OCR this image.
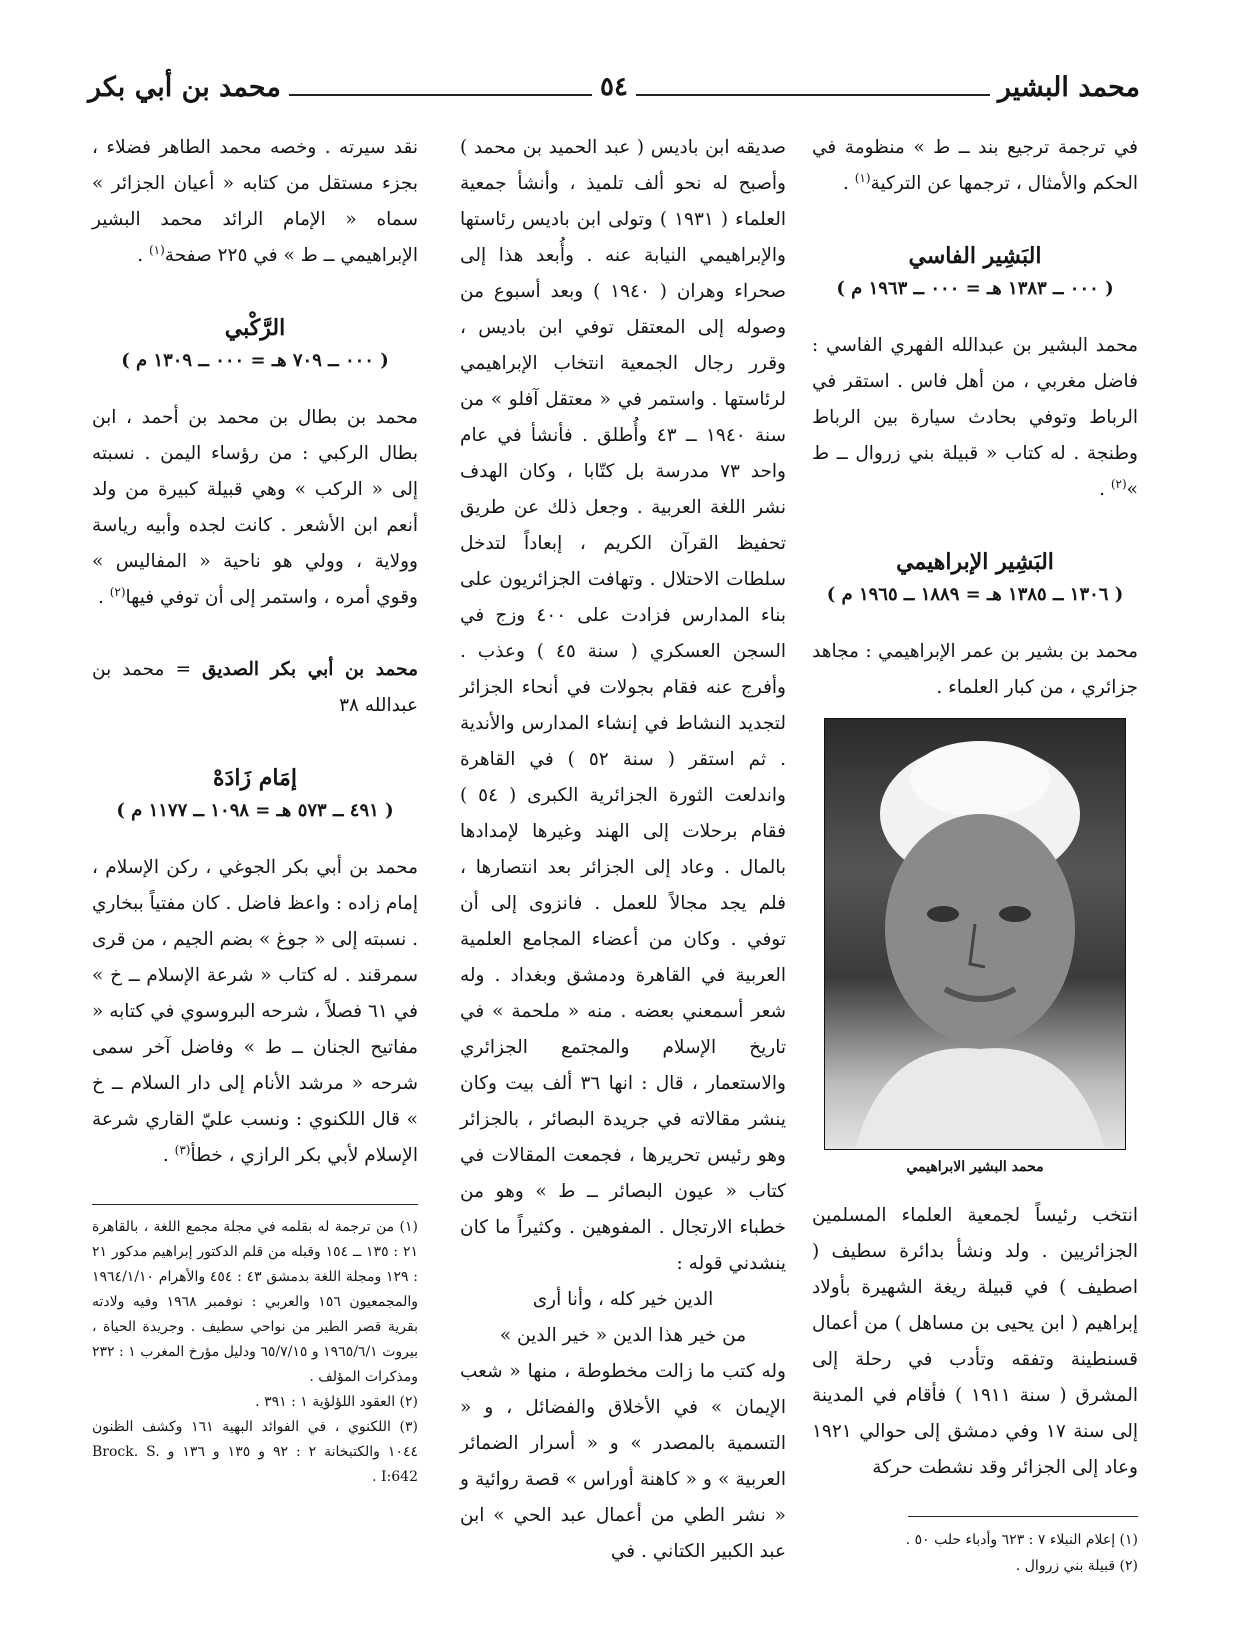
محمد البشير
٥٤
محمد بن أبي بكر

في ترجمة ترجيع بند ــ ط » منظومة في الحكم والأمثال ، ترجمها عن التركية$^{(١)}$ .

البَشِير الفاسي
( ٠٠٠ ــ ١٣٨٣ هـ = ٠٠٠ ــ ١٩٦٣ م )

محمد البشير بن عبدالله الفهري الفاسي : فاضل مغربي ، من أهل فاس . استقر في الرباط وتوفي بحادث سيارة بين الرباط وطنجة . له كتاب « قبيلة بني زروال ــ ط »$^{(٢)}$ .

البَشِير الإبراهيمي
( ١٣٠٦ ــ ١٣٨٥ هـ = ١٨٨٩ ــ ١٩٦٥ م )

محمد بن بشير بن عمر الإبراهيمي : مجاهد جزائري ، من كبار العلماء .

محمد البشير الابراهيمي

انتخب رئيساً لجمعية العلماء المسلمين الجزائريين . ولد ونشأ بدائرة سطيف ( اصطيف ) في قبيلة ريغة الشهيرة بأولاد إبراهيم ( ابن يحيى بن مساهل ) من أعمال قسنطينة وتفقه وتأدب في رحلة إلى المشرق ( سنة ١٩١١ ) فأقام في المدينة إلى سنة ١٧ وفي دمشق إلى حوالي ١٩٢١ وعاد إلى الجزائر وقد نشطت حركة

(١) إعلام النبلاء ٧ : ٦٢٣ وأدباء حلب ٥٠ .
(٢) قبيلة بني زروال .

صديقه ابن باديس ( عبد الحميد بن محمد ) وأصبح له نحو ألف تلميذ ، وأنشأ جمعية العلماء ( ١٩٣١ ) وتولى ابن باديس رئاستها والإبراهيمي النيابة عنه . وأُبعد هذا إلى صحراء وهران ( ١٩٤٠ ) وبعد أسبوع من وصوله إلى المعتقل توفي ابن باديس ، وقرر رجال الجمعية انتخاب الإبراهيمي لرئاستها . واستمر في « معتقل آفلو » من سنة ١٩٤٠ ــ ٤٣ وأُطلق . فأنشأ في عام واحد ٧٣ مدرسة بل كتّابا ، وكان الهدف نشر اللغة العربية . وجعل ذلك عن طريق تحفيظ القرآن الكريم ، إبعاداً لتدخل سلطات الاحتلال . وتهافت الجزائريون على بناء المدارس فزادت على ٤٠٠ وزج في السجن العسكري ( سنة ٤٥ ) وعذب . وأفرج عنه فقام بجولات في أنحاء الجزائر لتجديد النشاط في إنشاء المدارس والأندية . ثم استقر ( سنة ٥٢ ) في القاهرة واندلعت الثورة الجزائرية الكبرى ( ٥٤ ) فقام برحلات إلى الهند وغيرها لإمدادها بالمال . وعاد إلى الجزائر بعد انتصارها ، فلم يجد مجالاً للعمل . فانزوى إلى أن توفي . وكان من أعضاء المجامع العلمية العربية في القاهرة ودمشق وبغداد . وله شعر أسمعني بعضه . منه « ملحمة » في تاريخ الإسلام والمجتمع الجزائري والاستعمار ، قال : انها ٣٦ ألف بيت وكان ينشر مقالاته في جريدة البصائر ، بالجزائر وهو رئيس تحريرها ، فجمعت المقالات في كتاب « عيون البصائر ــ ط » وهو من خطباء الارتجال . المفوهين . وكثيراً ما كان ينشدني قوله :

الدين خير كله ، وأنا أرى

من خير هذا الدين « خير الدين »

وله كتب ما زالت مخطوطة ، منها « شعب الإيمان » في الأخلاق والفضائل ، و « التسمية بالمصدر » و « أسرار الضمائر العربية » و « كاهنة أوراس » قصة روائية و « نشر الطي من أعمال عبد الحي » ابن عبد الكبير الكتاني . في

نقد سيرته . وخصه محمد الطاهر فضلاء ، بجزء مستقل من كتابه « أعيان الجزائر » سماه « الإمام الرائد محمد البشير الإبراهيمي ــ ط » في ٢٢٥ صفحة$^{(١)}$ .

الرَّكْبي
( ٠٠٠ ــ ٧٠٩ هـ = ٠٠٠ ــ ١٣٠٩ م )

محمد بن بطال بن محمد بن أحمد ، ابن بطال الركبي : من رؤساء اليمن . نسبته إلى « الركب » وهي قبيلة كبيرة من ولد أنعم ابن الأشعر . كانت لجده وأبيه رياسة وولاية ، وولي هو ناحية « المفاليس » وقوي أمره ، واستمر إلى أن توفي فيها$^{(٢)}$ .

محمد بن أبي بكر الصديق = محمد بن عبدالله ٣٨

إمَام زَادَهْ
( ٤٩١ ــ ٥٧٣ هـ = ١٠٩٨ ــ ١١٧٧ م )

محمد بن أبي بكر الجوغي ، ركن الإسلام ، إمام زاده : واعظ فاضل . كان مفتياً ببخاري . نسبته إلى « جوغ » بضم الجيم ، من قرى سمرقند . له كتاب « شرعة الإسلام ــ خ » في ٦١ فصلاً ، شرحه البروسوي في كتابه « مفاتيح الجنان ــ ط » وفاضل آخر سمى شرحه « مرشد الأنام إلى دار السلام ــ خ » قال اللكنوي : ونسب عليّ القاري شرعة الإسلام لأبي بكر الرازي ، خطأ$^{(٣)}$ .

(١) من ترجمة له بقلمه في مجلة مجمع اللغة ، بالقاهرة ٢١ : ١٣٥ ــ ١٥٤ وقبله من قلم الدكتور إبراهيم مدكور ٢١ : ١٢٩ ومجلة اللغة بدمشق ٤٣ : ٤٥٤ والأهرام ١٩٦٤/١/١٠ والمجمعيون ١٥٦ والعربي : نوفمبر ١٩٦٨ وفيه ولادته بقرية قصر الطير من نواحي سطيف . وجريدة الحياة ، بيروت ١٩٦٥/٦/١ و ٦٥/٧/١٥ ودليل مؤرخ المغرب ١ : ٢٣٢ ومذكرات المؤلف .
(٢) العقود اللؤلؤية ١ : ٣٩١ .
(٣) اللكنوي ، في الفوائد البهية ١٦١ وكشف الظنون ١٠٤٤ والكتبخانة ٢ : ٩٢ و ١٣٥ و ١٣٦ و Brock. S. I:642 .
